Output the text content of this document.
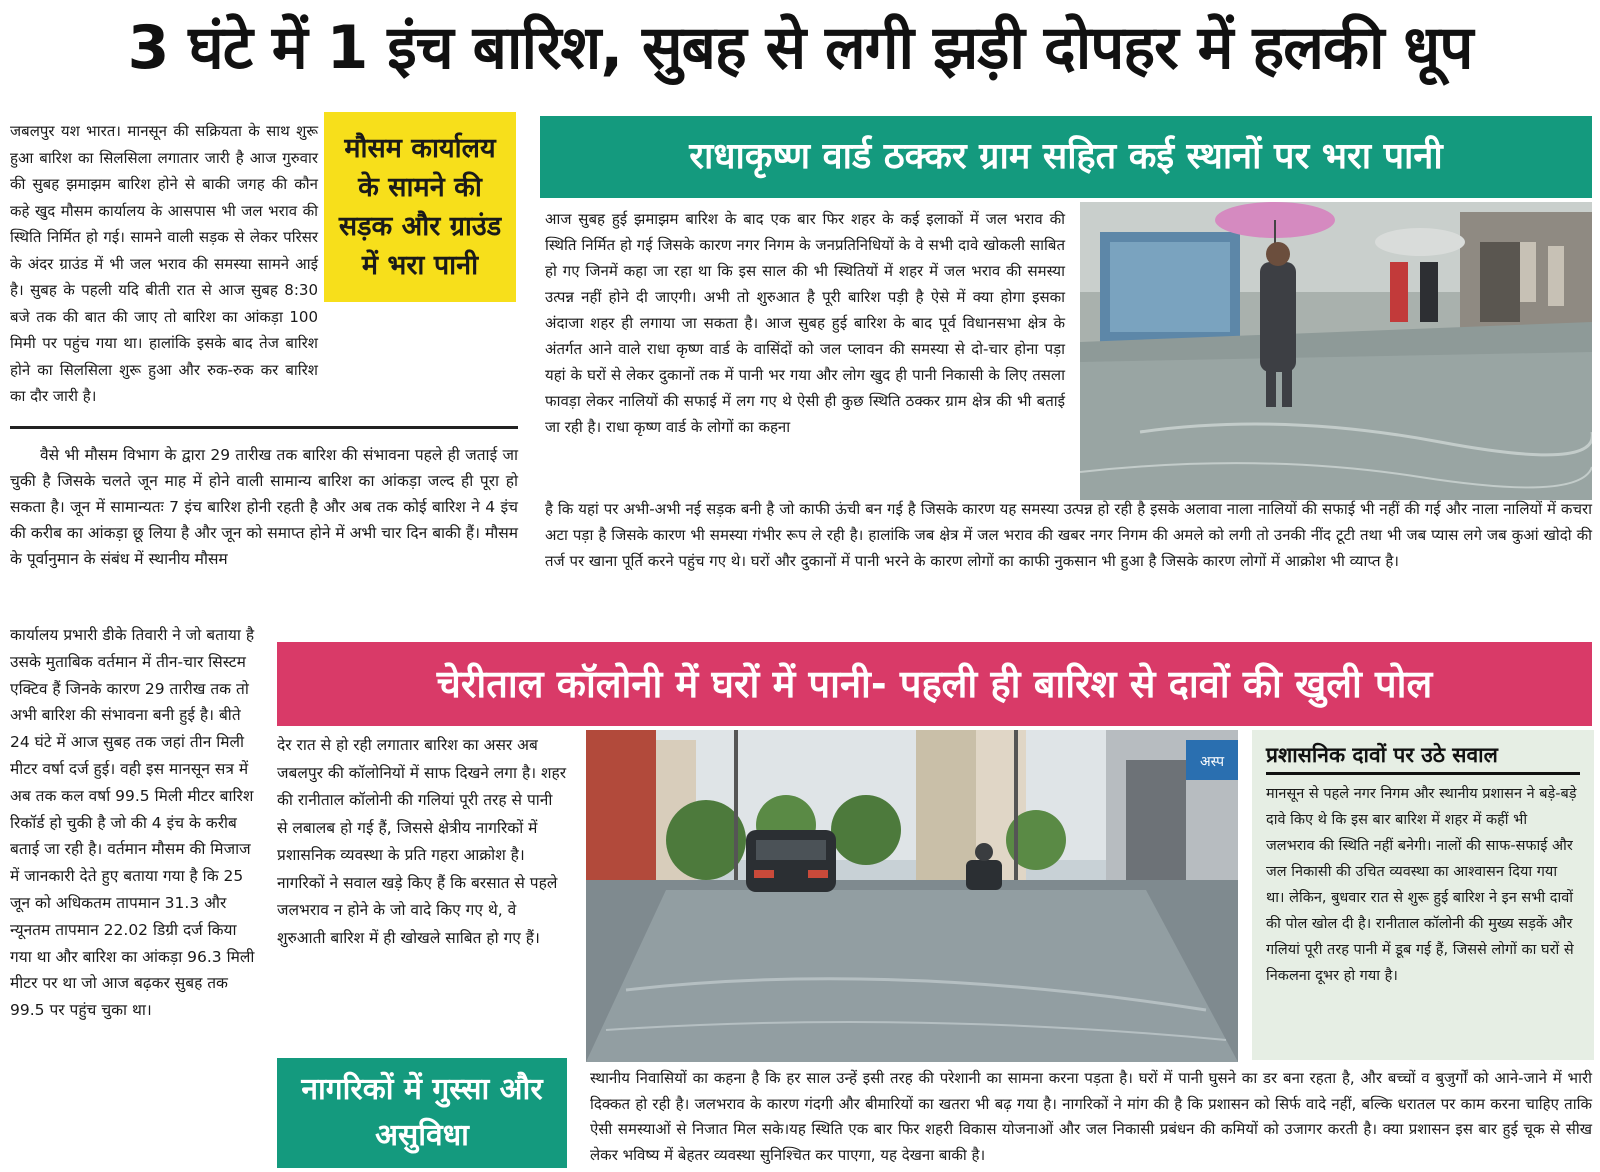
3 घंटे में 1 इंच बारिश, सुबह से लगी झड़ी दोपहर में हलकी धूप
जबलपुर यश भारत। मानसून की सक्रियता के साथ शुरू हुआ बारिश का सिलसिला लगातार जारी है आज गुरुवार की सुबह झमाझम बारिश होने से बाकी जगह की कौन कहे खुद मौसम कार्यालय के आसपास भी जल भराव की स्थिति निर्मित हो गई। सामने वाली सड़क से लेकर परिसर के अंदर ग्राउंड में भी जल भराव की समस्या सामने आई है। सुबह के पहली यदि बीती रात से आज सुबह 8:30 बजे तक की बात की जाए तो बारिश का आंकड़ा 100 मिमी पर पहुंच गया था। हालांकि इसके बाद तेज बारिश होने का सिलसिला शुरू हुआ और रुक-रुक कर बारिश का दौर जारी है।
मौसम कार्यालय के सामने की सड़क और ग्राउंड में भरा पानी
वैसे भी मौसम विभाग के द्वारा 29 तारीख तक बारिश की संभावना पहले ही जताई जा चुकी है जिसके चलते जून माह में होने वाली सामान्य बारिश का आंकड़ा जल्द ही पूरा हो सकता है। जून में सामान्यतः 7 इंच बारिश होनी रहती है और अब तक कोई बारिश ने 4 इंच की करीब का आंकड़ा छू लिया है और जून को समाप्त होने में अभी चार दिन बाकी हैं। मौसम के पूर्वानुमान के संबंध में स्थानीय मौसम
कार्यालय प्रभारी डीके तिवारी ने जो बताया है उसके मुताबिक वर्तमान में तीन-चार सिस्टम एक्टिव हैं जिनके कारण 29 तारीख तक तो अभी बारिश की संभावना बनी हुई है। बीते 24 घंटे में आज सुबह तक जहां तीन मिली मीटर वर्षा दर्ज हुई। वही इस मानसून सत्र में अब तक कल वर्षा 99.5 मिली मीटर बारिश रिकॉर्ड हो चुकी है जो की 4 इंच के करीब बताई जा रही है। वर्तमान मौसम की मिजाज में जानकारी देते हुए बताया गया है कि 25 जून को अधिकतम तापमान 31.3 और न्यूनतम तापमान 22.02 डिग्री दर्ज किया गया था और बारिश का आंकड़ा 96.3 मिली मीटर पर था जो आज बढ़कर सुबह तक 99.5 पर पहुंच चुका था।
राधाकृष्ण वार्ड ठक्कर ग्राम सहित कई स्थानों पर भरा पानी
आज सुबह हुई झमाझम बारिश के बाद एक बार फिर शहर के कई इलाकों में जल भराव की स्थिति निर्मित हो गई जिसके कारण नगर निगम के जनप्रतिनिधियों के वे सभी दावे खोकली साबित हो गए जिनमें कहा जा रहा था कि इस साल की भी स्थितियों में शहर में जल भराव की समस्या उत्पन्न नहीं होने दी जाएगी। अभी तो शुरुआत है पूरी बारिश पड़ी है ऐसे में क्या होगा इसका अंदाजा शहर ही लगाया जा सकता है। आज सुबह हुई बारिश के बाद पूर्व विधानसभा क्षेत्र के अंतर्गत आने वाले राधा कृष्ण वार्ड के वासिंदों को जल प्लावन की समस्या से दो-चार होना पड़ा यहां के घरों से लेकर दुकानों तक में पानी भर गया और लोग खुद ही पानी निकासी के लिए तसला फावड़ा लेकर नालियों की सफाई में लग गए थे ऐसी ही कुछ स्थिति ठक्कर ग्राम क्षेत्र की भी बताई जा रही है। राधा कृष्ण वार्ड के लोगों का कहना
है कि यहां पर अभी-अभी नई सड़क बनी है जो काफी ऊंची बन गई है जिसके कारण यह समस्या उत्पन्न हो रही है इसके अलावा नाला नालियों की सफाई भी नहीं की गई और नाला नालियों में कचरा अटा पड़ा है जिसके कारण भी समस्या गंभीर रूप ले रही है। हालांकि जब क्षेत्र में जल भराव की खबर नगर निगम की अमले को लगी तो उनकी नींद टूटी तथा भी जब प्यास लगे जब कुआं खोदो की तर्ज पर खाना पूर्ति करने पहुंच गए थे। घरों और दुकानों में पानी भरने के कारण लोगों का काफी नुकसान भी हुआ है जिसके कारण लोगों में आक्रोश भी व्याप्त है।
चेरीताल कॉलोनी में घरों में पानी- पहली ही बारिश से दावों की खुली पोल
देर रात से हो रही लगातार बारिश का असर अब जबलपुर की कॉलोनियों में साफ दिखने लगा है। शहर की रानीताल कॉलोनी की गलियां पूरी तरह से पानी से लबालब हो गई हैं, जिससे क्षेत्रीय नागरिकों में प्रशासनिक व्यवस्था के प्रति गहरा आक्रोश है। नागरिकों ने सवाल खड़े किए हैं कि बरसात से पहले जलभराव न होने के जो वादे किए गए थे, वे शुरुआती बारिश में ही खोखले साबित हो गए हैं।
नागरिकों में गुस्सा और असुविधा
अस्प प्रशासनिक दावों पर उठे सवाल
मानसून से पहले नगर निगम और स्थानीय प्रशासन ने बड़े-बड़े दावे किए थे कि इस बार बारिश में शहर में कहीं भी जलभराव की स्थिति नहीं बनेगी। नालों की साफ-सफाई और जल निकासी की उचित व्यवस्था का आश्वासन दिया गया था। लेकिन, बुधवार रात से शुरू हुई बारिश ने इन सभी दावों की पोल खोल दी है। रानीताल कॉलोनी की मुख्य सड़कें और गलियां पूरी तरह पानी में डूब गई हैं, जिससे लोगों का घरों से निकलना दूभर हो गया है।
स्थानीय निवासियों का कहना है कि हर साल उन्हें इसी तरह की परेशानी का सामना करना पड़ता है। घरों में पानी घुसने का डर बना रहता है, और बच्चों व बुजुर्गों को आने-जाने में भारी दिक्कत हो रही है। जलभराव के कारण गंदगी और बीमारियों का खतरा भी बढ़ गया है। नागरिकों ने मांग की है कि प्रशासन को सिर्फ वादे नहीं, बल्कि धरातल पर काम करना चाहिए ताकि ऐसी समस्याओं से निजात मिल सके।यह स्थिति एक बार फिर शहरी विकास योजनाओं और जल निकासी प्रबंधन की कमियों को उजागर करती है। क्या प्रशासन इस बार हुई चूक से सीख लेकर भविष्य में बेहतर व्यवस्था सुनिश्चित कर पाएगा, यह देखना बाकी है।
